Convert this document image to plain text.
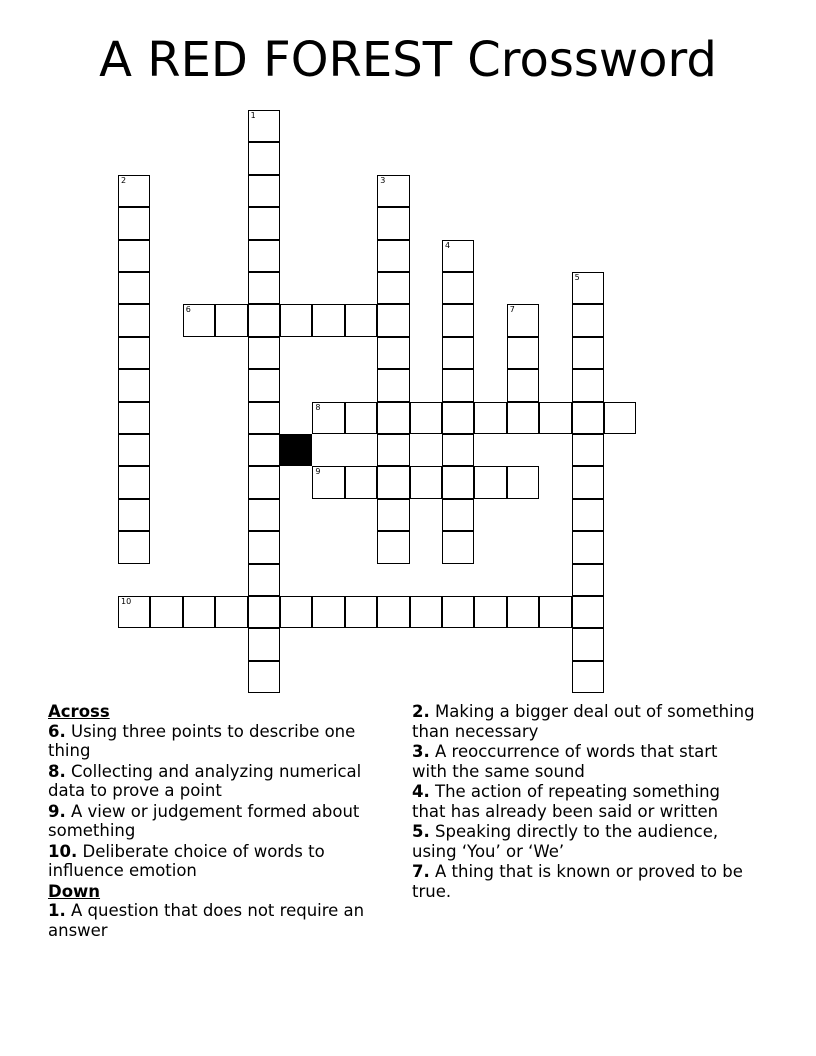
A RED FOREST Crossword
1
2	3
4
5
6	7
8
9
10
Across
6. Using three points to describe one thing
8. Collecting and analyzing numerical data to prove a point
9. A view or judgement formed about something
10. Deliberate choice of words to influence emotion
Down
1. A question that does not require an answer
2. Making a bigger deal out of something than necessary
3. A reoccurrence of words that start with the same sound
4. The action of repeating something that has already been said or written
5. Speaking directly to the audience, using ‘You’ or ‘We’
7. A thing that is known or proved to be true.
